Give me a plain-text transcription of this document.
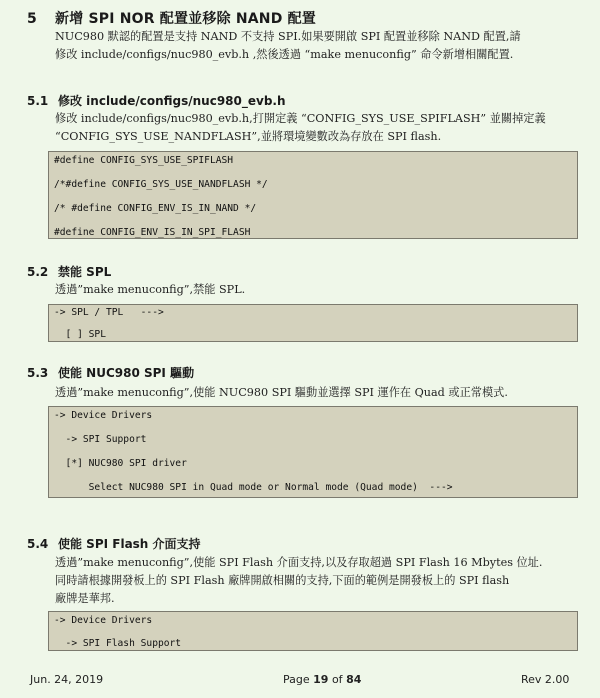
5 新增 SPI NOR 配置並移除 NAND 配置
NUC980 默認的配置是支持 NAND 不支持 SPI.如果要開啟 SPI 配置並移除 NAND 配置,請
修改 include/configs/nuc980_evb.h ,然後透過 “make menuconfig” 命令新增相關配置.
5.1 修改 include/configs/nuc980_evb.h
修改 include/configs/nuc980_evb.h,打開定義 “CONFIG_SYS_USE_SPIFLASH” 並關掉定義
“CONFIG_SYS_USE_NANDFLASH”,並將環境變數改為存放在 SPI flash.
#define CONFIG_SYS_USE_SPIFLASH
/*#define CONFIG_SYS_USE_NANDFLASH */
/* #define CONFIG_ENV_IS_IN_NAND */
#define CONFIG_ENV_IS_IN_SPI_FLASH
5.2 禁能 SPL
透過”make menuconfig”,禁能 SPL.
-> SPL / TPL   --->
[ ] SPL
5.3 使能 NUC980 SPI 驅動
透過”make menuconfig”,使能 NUC980 SPI 驅動並選擇 SPI 運作在 Quad 或正常模式.
-> Device Drivers
-> SPI Support
[*] NUC980 SPI driver
Select NUC980 SPI in Quad mode or Normal mode (Quad mode)  --->
5.4 使能 SPI Flash 介面支持
透過”make menuconfig”,使能 SPI Flash 介面支持,以及存取超過 SPI Flash 16 Mbytes 位址.
同時請根據開發板上的 SPI Flash 廠牌開啟相關的支持,下面的範例是開發板上的 SPI flash
廠牌是華邦.
-> Device Drivers
-> SPI Flash Support
Jun. 24, 2019	Page 19 of 84	Rev 2.00
